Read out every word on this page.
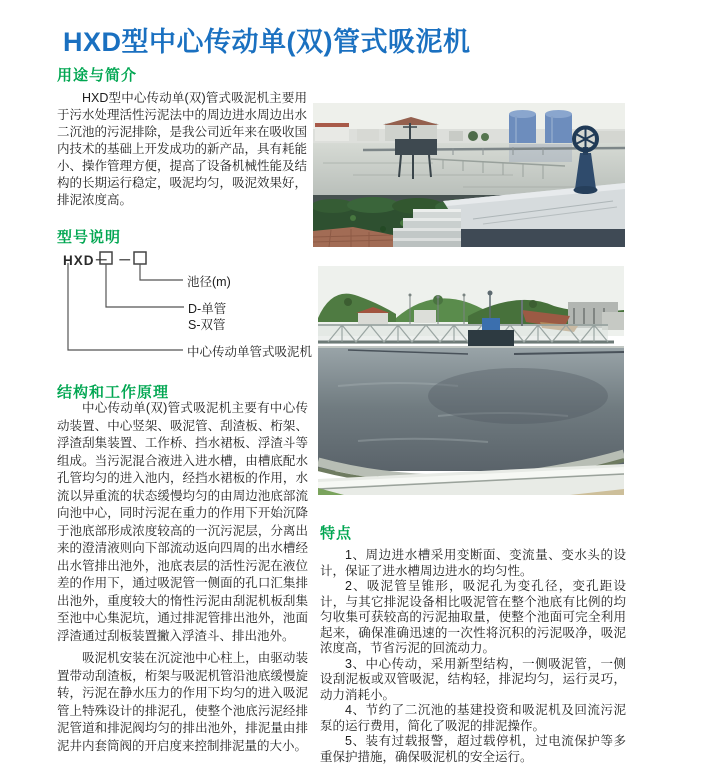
HXD型中心传动单(双)管式吸泥机
用途与简介

HXD型中心传动单(双)管式吸泥机主要用于污水处理活性污泥法中的周边进水周边出水二沉池的污泥排除，是我公司近年来在吸收国内技术的基础上开发成功的新产品，具有耗能小、操作管理方便，提高了设备机械性能及结构的长期运行稳定，吸泥均匀，吸泥效果好，排泥浓度高。

型号说明
HXD－ －
池径(m)
D-单管
S-双管
中心传动单管式吸泥机
结构和工作原理

中心传动单(双)管式吸泥机主要有中心传动装置、中心竖架、吸泥管、刮渣板、桁架、浮渣刮集装置、工作桥、挡水裙板、浮渣斗等组成。当污泥混合液进入进水槽，由槽底配水孔管均匀的进入池内，经挡水裙板的作用，水流以异重流的状态缓慢均匀的由周边池底部流向池中心，同时污泥在重力的作用下开始沉降于池底部形成浓度较高的一沉污泥层，分离出来的澄清液则向下部流动返向四周的出水槽经出水管排出池外，池底表层的活性污泥在液位差的作用下，通过吸泥管一侧面的孔口汇集排出池外，重度较大的惰性污泥由刮泥机板刮集至池中心集泥坑，通过排泥管排出池外，池面浮渣通过刮板装置撇入浮渣斗、排出池外。

吸泥机安装在沉淀池中心柱上，由驱动装置带动刮渣板，桁架与吸泥机管沿池底缓慢旋转，污泥在静水压力的作用下均匀的进入吸泥管上特殊设计的排泥孔，使整个池底污泥经排泥管道和排泥阀均匀的排出池外，排泥量由排泥井内套筒阀的开启度来控制排泥量的大小。

特点

1、周边进水槽采用变断面、变流量、变水头的设计，保证了进水槽周边进水的均匀性。

2、吸泥管呈锥形，吸泥孔为变孔径，变孔距设计，与其它排泥设备相比吸泥管在整个池底有比例的均匀收集可获较高的污泥抽取量，使整个池面可完全利用起来，确保准确迅速的一次性将沉积的污泥吸净，吸泥浓度高，节省污泥的回流动力。

3、中心传动，采用新型结构，一侧吸泥管，一侧设刮泥板或双管吸泥，结构轻，排泥均匀，运行灵巧，动力消耗小。

4、节约了二沉池的基建投资和吸泥机及回流污泥泵的运行费用，简化了吸泥的排泥操作。

5、装有过载报警，超过载停机，过电流保护等多重保护措施，确保吸泥机的安全运行。
